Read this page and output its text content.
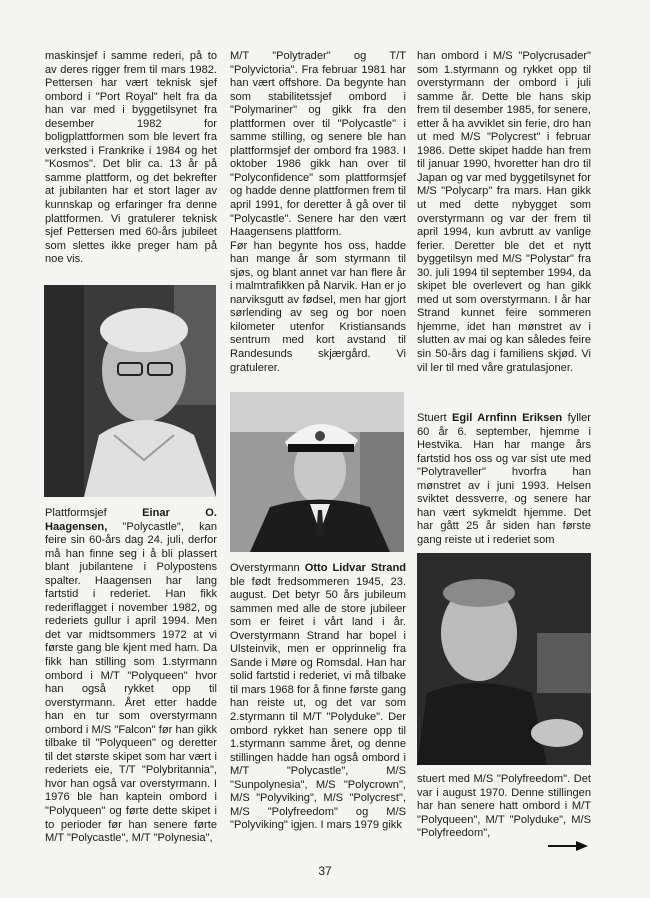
maskinsjef i samme rederi, på to av deres rigger frem til mars 1982. Pettersen har vært teknisk sjef ombord i "Port Royal" helt fra da han var med i byggetilsynet fra desember 1982 for boligplattformen som ble levert fra verksted i Frankrike i 1984 og het "Kosmos". Det blir ca. 13 år på samme plattform, og det bekrefter at jubilanten har et stort lager av kunnskap og erfaringer fra denne plattformen. Vi gratulerer teknisk sjef Pettersen med 60-års jubileet som slettes ikke preger ham på noe vis.

Plattformsjef Einar O. Haagensen, "Polycastle", kan feire sin 60-års dag 24. juli, derfor må han finne seg i å bli plassert blant jubilantene i Polypostens spalter. Haagensen har lang fartstid i rederiet. Han fikk rederiflagget i november 1982, og rederiets gullur i april 1994. Men det var midtsommers 1972 at vi første gang ble kjent med ham. Da fikk han stilling som 1.styrmann ombord i M/T "Polyqueen" hvor han også rykket opp til overstyrmann. Året etter hadde han en tur som overstyrmann ombord i M/S "Falcon" før han gikk tilbake til "Polyqueen" og deretter til det største skipet som har vært i rederiets eie, T/T "Polybritannia", hvor han også var overstyrmann. I 1976 ble han kaptein ombord i "Polyqueen" og førte dette skipet i to perioder før han senere førte M/T "Polycastle", M/T "Polynesia",

M/T "Polytrader" og T/T "Polyvictoria". Fra februar 1981 har han vært offshore. Da begynte han som stabilitetssjef ombord i "Polymariner" og gikk fra den plattformen over til "Polycastle" i samme stilling, og senere ble han plattformsjef der ombord fra 1983. I oktober 1986 gikk han over til "Polyconfidence" som plattformsjef og hadde denne plattformen frem til april 1991, for deretter å gå over til "Polycastle". Senere har den vært Haagensens plattform.

Før han begynte hos oss, hadde han mange år som styrmann til sjøs, og blant annet var han flere år i malmtrafikken på Narvik. Han er jo narviksgutt av fødsel, men har gjort sørlending av seg og bor noen kilometer utenfor Kristiansands sentrum med kort avstand til Randesunds skjærgård. Vi gratulerer.

Overstyrmann Otto Lidvar Strand ble født fredsommeren 1945, 23. august. Det betyr 50 års jubileum sammen med alle de store jubileer som er feiret i vårt land i år. Overstyrmann Strand har bopel i Ulsteinvik, men er opprinnelig fra Sande i Møre og Romsdal. Han har solid fartstid i rederiet, vi må tilbake til mars 1968 for å finne første gang han reiste ut, og det var som 2.styrmann til M/T "Polyduke". Der ombord rykket han senere opp til 1.styrmann samme året, og denne stillingen hadde han også ombord i M/T "Polycastle", M/S "Sunpolynesia", M/S "Polycrown", M/S "Polyviking", M/S "Polycrest", M/S "Polyfreedom" og M/S "Polyviking" igjen. I mars 1979 gikk

han ombord i M/S "Polycrusader" som 1.styrmann og rykket opp til overstyrmann der ombord i juli samme år. Dette ble hans skip frem til desember 1985, for senere, etter å ha avviklet sin ferie, dro han ut med M/S "Polycrest" i februar 1986. Dette skipet hadde han frem til januar 1990, hvoretter han dro til Japan og var med byggetilsynet for M/S "Polycarp" fra mars. Han gikk ut med dette nybygget som overstyrmann og var der frem til april 1994, kun avbrutt av vanlige ferier. Deretter ble det et nytt byggetilsyn med M/S "Polystar" fra 30. juli 1994 til september 1994, da skipet ble overlevert og han gikk med ut som overstyrmann. I år har Strand kunnet feire sommeren hjemme, idet han mønstret av i slutten av mai og kan således feire sin 50-års dag i familiens skjød. Vi vil ler til med våre gratulasjoner.

Stuert Egil Arnfinn Eriksen fyller 60 år 6. september, hjemme i Hestvika. Han har mange års fartstid hos oss og var sist ute med "Polytraveller" hvorfra han mønstret av i juni 1993. Helsen sviktet dessverre, og senere har han vært sykmeldt hjemme. Det har gått 25 år siden han første gang reiste ut i rederiet som

stuert med M/S "Polyfreedom". Det var i august 1970. Denne stillingen har han senere hatt ombord i M/T "Polyqueen", M/T "Polyduke", M/S "Polyfreedom",

37
